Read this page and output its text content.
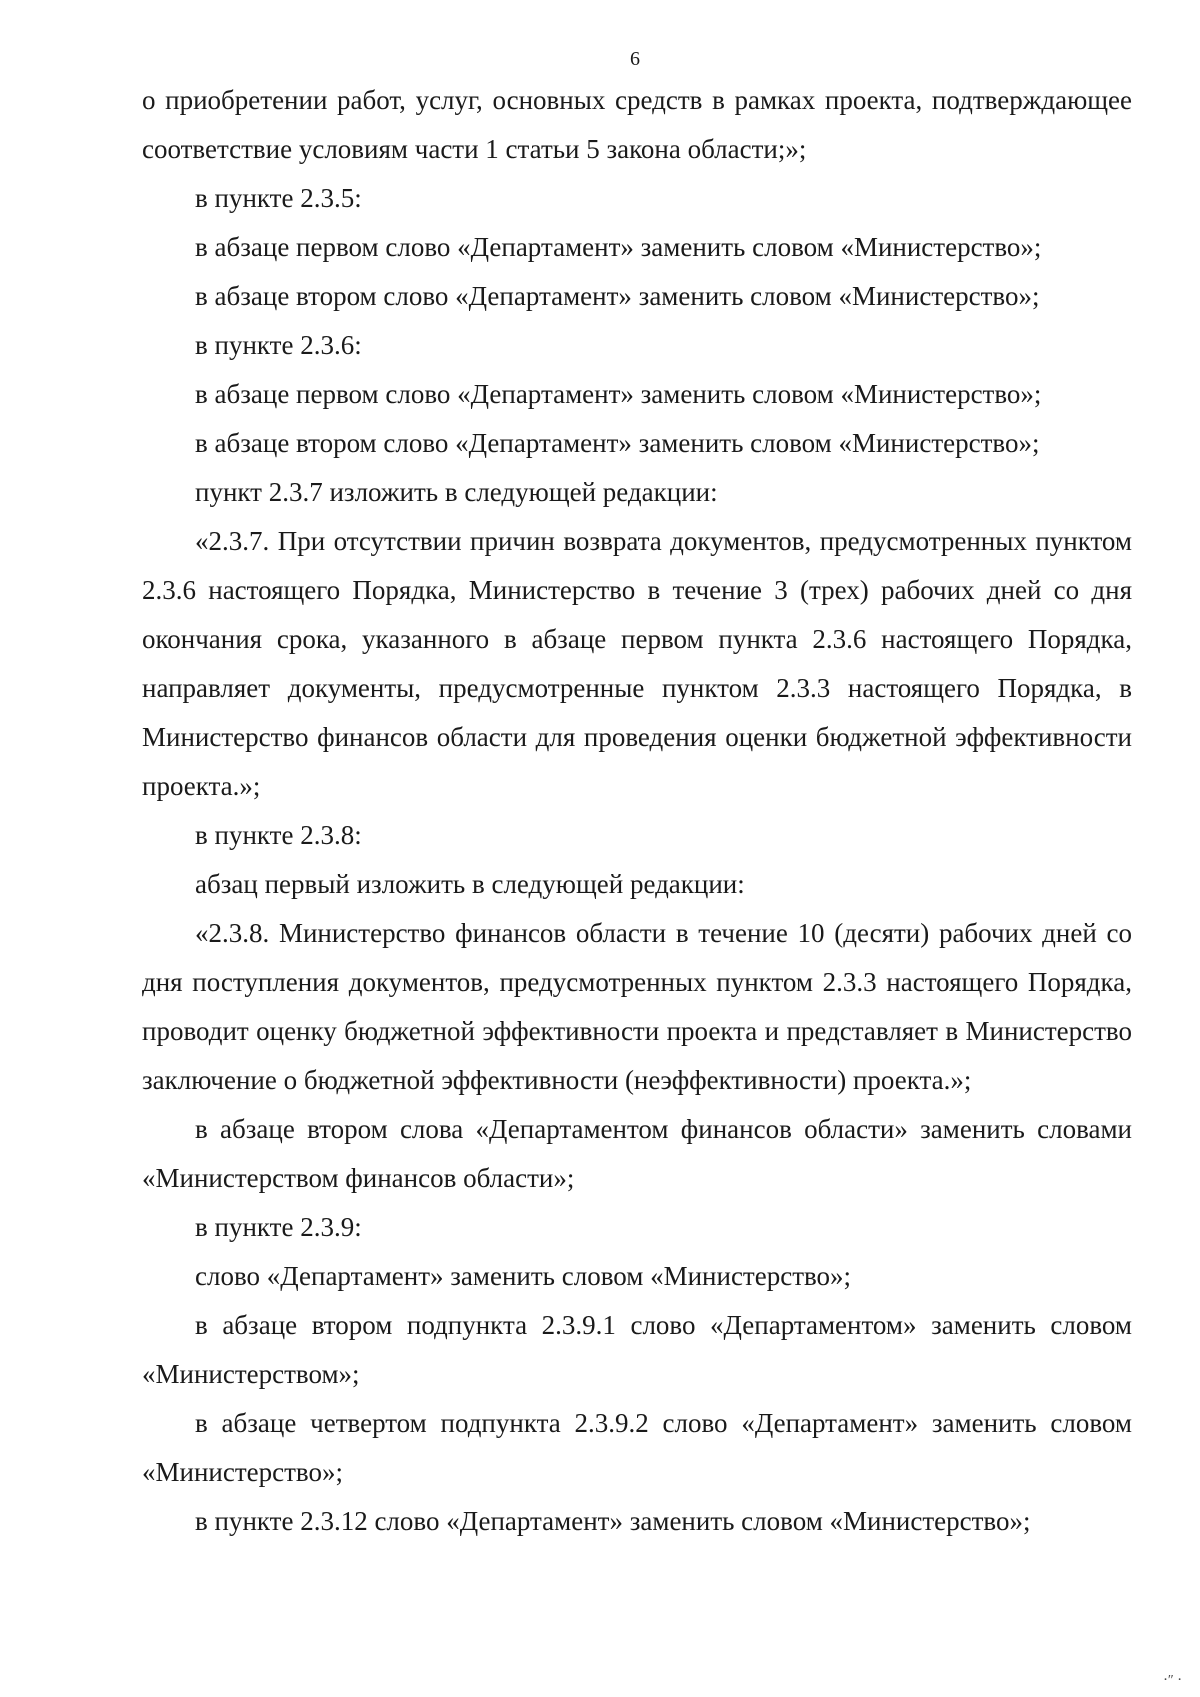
6

о приобретении работ, услуг, основных средств в рамках проекта, подтверждающее соответствие условиям части 1 статьи 5 закона области;»;

в пункте 2.3.5:

в абзаце первом слово «Департамент» заменить словом «Министерство»;

в абзаце втором слово «Департамент» заменить словом «Министерство»;

в пункте 2.3.6:

в абзаце первом слово «Департамент» заменить словом «Министерство»;

в абзаце втором слово «Департамент» заменить словом «Министерство»;

пункт 2.3.7 изложить в следующей редакции:

«2.3.7. При отсутствии причин возврата документов, предусмотренных пунктом 2.3.6 настоящего Порядка, Министерство в течение 3 (трех) рабочих дней со дня окончания срока, указанного в абзаце первом пункта 2.3.6 настоящего Порядка, направляет документы, предусмотренные пунктом 2.3.3 настоящего Порядка, в Министерство финансов области для проведения оценки бюджетной эффективности проекта.»;

в пункте 2.3.8:

абзац первый изложить в следующей редакции:

«2.3.8. Министерство финансов области в течение 10 (десяти) рабочих дней со дня поступления документов, предусмотренных пунктом 2.3.3 настоящего Порядка, проводит оценку бюджетной эффективности проекта и представляет в Министерство заключение о бюджетной эффективности (неэффективности) проекта.»;

в абзаце втором слова «Департаментом финансов области» заменить словами «Министерством финансов области»;

в пункте 2.3.9:

слово «Департамент» заменить словом «Министерство»;

в абзаце втором подпункта 2.3.9.1 слово «Департаментом» заменить словом «Министерством»;

в абзаце четвертом подпункта 2.3.9.2 слово «Департамент» заменить словом «Министерство»;

в пункте 2.3.12 слово «Департамент» заменить словом «Министерство»;

⋅″ ⋅
